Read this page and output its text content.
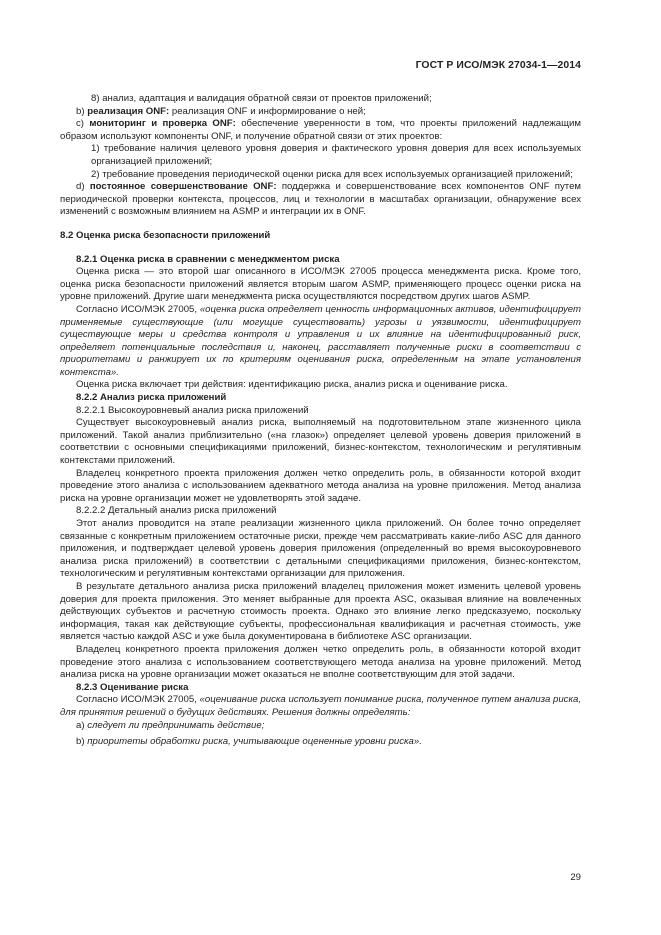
ГОСТ Р ИСО/МЭК 27034-1—2014

8) анализ, адаптация и валидация обратной связи от проектов приложений;

b) реализация ONF: реализация ONF и информирование о ней;

c) мониторинг и проверка ONF: обеспечение уверенности в том, что проекты приложений надлежащим образом используют компоненты ONF, и получение обратной связи от этих проектов:

1) требование наличия целевого уровня доверия и фактического уровня доверия для всех используемых организацией приложений;

2) требование проведения периодической оценки риска для всех используемых организацией приложений;

d) постоянное совершенствование ONF: поддержка и совершенствование всех компонентов ONF путем периодической проверки контекста, процессов, лиц и технологии в масштабах организации, обнаружение всех изменений с возможным влиянием на ASMP и интеграции их в ONF.

8.2 Оценка риска безопасности приложений

8.2.1 Оценка риска в сравнении с менеджментом риска

Оценка риска — это второй шаг описанного в ИСО/МЭК 27005 процесса менеджмента риска. Кроме того, оценка риска безопасности приложений является вторым шагом ASMP, применяющего процесс оценки риска на уровне приложений. Другие шаги менеджмента риска осуществляются посредством других шагов ASMP.

Согласно ИСО/МЭК 27005, «оценка риска определяет ценность информационных активов, идентифицирует применяемые существующие (или могущие существовать) угрозы и уязвимости, идентифицирует существующие меры и средства контроля и управления и их влияние на идентифицированный риск, определяет потенциальные последствия и, наконец, расставляет полученные риски в соответствии с приоритетами и ранжирует их по критериям оценивания риска, определенным на этапе установления контекста».

Оценка риска включает три действия: идентификацию риска, анализ риска и оценивание риска.

8.2.2 Анализ риска приложений

8.2.2.1 Высокоуровневый анализ риска приложений

Существует высокоуровневый анализ риска, выполняемый на подготовительном этапе жизненного цикла приложений. Такой анализ приблизительно («на глазок») определяет целевой уровень доверия приложений в соответствии с основными спецификациями приложений, бизнес-контекстом, технологическим и регулятивным контекстами приложений.

Владелец конкретного проекта приложения должен четко определить роль, в обязанности которой входит проведение этого анализа с использованием адекватного метода анализа на уровне приложения. Метод анализа риска на уровне организации может не удовлетворять этой задаче.

8.2.2.2 Детальный анализ риска приложений

Этот анализ проводится на этапе реализации жизненного цикла приложений. Он более точно определяет связанные с конкретным приложением остаточные риски, прежде чем рассматривать какие-либо ASC для данного приложения, и подтверждает целевой уровень доверия приложения (определенный во время высокоуровневого анализа риска приложений) в соответствии с детальными спецификациями приложения, бизнес-контекстом, технологическим и регулятивным контекстами организации для приложения.

В результате детального анализа риска приложений владелец приложения может изменить целевой уровень доверия для проекта приложения. Это меняет выбранные для проекта ASC, оказывая влияние на вовлеченных действующих субъектов и расчетную стоимость проекта. Однако это влияние легко предсказуемо, поскольку информация, такая как действующие субъекты, профессиональная квалификация и расчетная стоимость, уже является частью каждой ASC и уже была документирована в библиотеке ASC организации.

Владелец конкретного проекта приложения должен четко определить роль, в обязанности которой входит проведение этого анализа с использованием соответствующего метода анализа на уровне приложений. Метод анализа риска на уровне организации может оказаться не вполне соответствующим для этой задачи.

8.2.3 Оценивание риска

Согласно ИСО/МЭК 27005, «оценивание риска использует понимание риска, полученное путем анализа риска, для принятия решений о будущих действиях. Решения должны определять:

а) следует ли предпринимать действие;

b) приоритеты обработки риска, учитывающие оцененные уровни риска».

29
